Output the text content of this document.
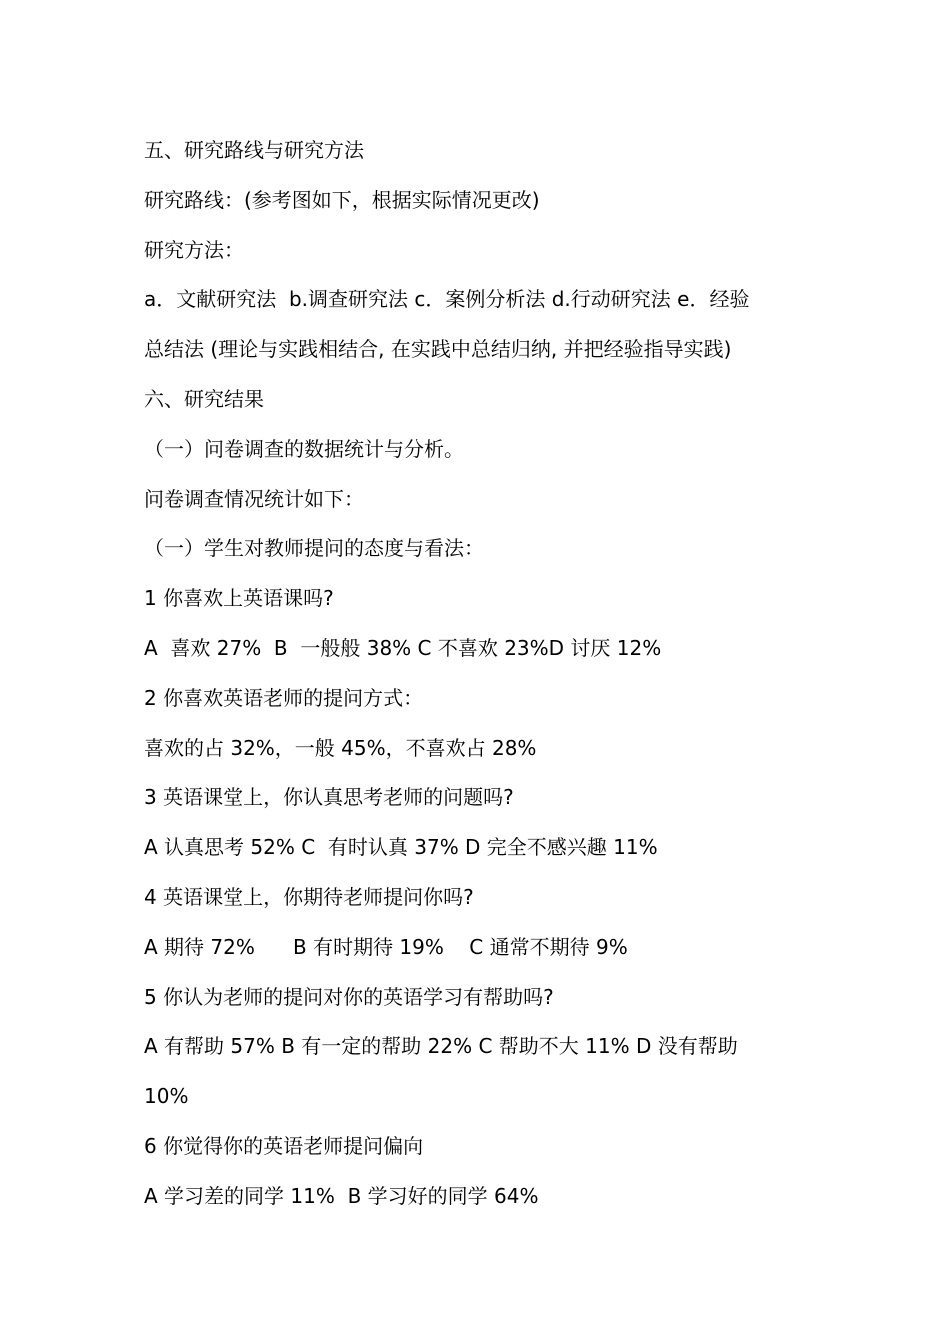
五、研究路线与研究方法
研究路线：(参考图如下，根据实际情况更改)
研究方法：
a．文献研究法  b.调查研究法 c．案例分析法 d.行动研究法 e．经验
总结法 (理论与实践相结合, 在实践中总结归纳, 并把经验指导实践)
六、研究结果
（一）问卷调查的数据统计与分析。
问卷调查情况统计如下：
（一）学生对教师提问的态度与看法：
1 你喜欢上英语课吗?
A  喜欢 27%  B  一般般 38% C 不喜欢 23%D 讨厌 12%
2 你喜欢英语老师的提问方式：
喜欢的占 32%，一般 45%，不喜欢占 28%
3 英语课堂上，你认真思考老师的问题吗?
A 认真思考 52% C  有时认真 37% D 完全不感兴趣 11%
4 英语课堂上，你期待老师提问你吗?
A 期待 72%      B 有时期待 19%    C 通常不期待 9%
5 你认为老师的提问对你的英语学习有帮助吗?
A 有帮助 57% B 有一定的帮助 22% C 帮助不大 11% D 没有帮助
10%
6 你觉得你的英语老师提问偏向
A 学习差的同学 11%  B 学习好的同学 64%
